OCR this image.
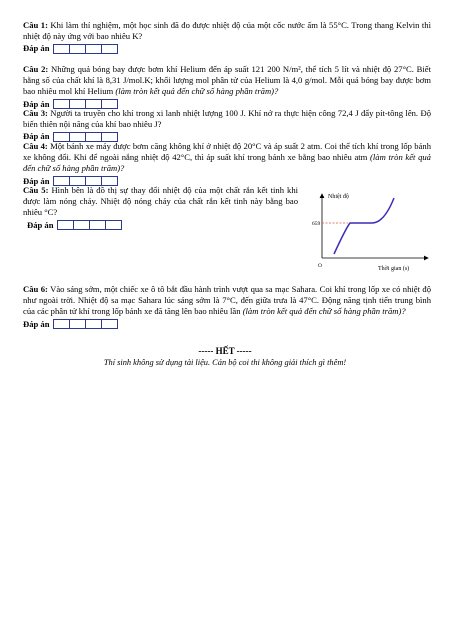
Câu 1: Khi làm thí nghiệm, một học sinh đã đo được nhiệt độ của một cốc nước ấm là 55°C. Trong thang Kelvin thì nhiệt độ này ứng với bao nhiêu K?
Đáp án
Câu 2: Những quả bóng bay được bơm khí Helium đến áp suất 121 200 N/m², thể tích 5 lít và nhiệt độ 27°C. Biết hằng số của chất khí là 8,31 J/mol.K; khối lượng mol phân tử của Helium là 4,0 g/mol. Mỗi quả bóng bay được bơm bao nhiêu mol khí Helium (làm tròn kết quả đến chữ số hàng phần trăm)?
Đáp án
Câu 3: Người ta truyền cho khí trong xi lanh nhiệt lượng 100 J. Khí nở ra thực hiện công 72,4 J đẩy pít-tông lên. Độ biến thiên nội năng của khí bao nhiêu J?
Đáp án
Câu 4: Một bánh xe máy được bơm căng không khí ở nhiệt độ 20°C và áp suất 2 atm. Coi thể tích khí trong lốp bánh xe không đổi. Khi để ngoài nắng nhiệt độ 42°C, thì áp suất khí trong bánh xe bằng bao nhiêu atm (làm tròn kết quả đến chữ số hàng phần trăm)?
Đáp án
Câu 5: Hình bên là đồ thị sự thay đổi nhiệt độ của một chất rắn kết tinh khi được làm nóng chảy. Nhiệt độ nóng chảy của chất rắn kết tinh này bằng bao nhiêu °C?
Đáp án
Nhiệt độ
659
O	Thời gian (s)
Câu 6: Vào sáng sớm, một chiếc xe ô tô bắt đầu hành trình vượt qua sa mạc Sahara. Coi khí trong lốp xe có nhiệt độ như ngoài trời. Nhiệt độ sa mạc Sahara lúc sáng sớm là 7°C, đến giữa trưa là 47°C. Động năng tịnh tiến trung bình của các phân tử khí trong lốp bánh xe đã tăng lên bao nhiêu lần (làm tròn kết quả đến chữ số hàng phần trăm)?
Đáp án
----- HẾT -----
Thí sinh không sử dụng tài liệu. Cán bộ coi thi không giải thích gì thêm!
